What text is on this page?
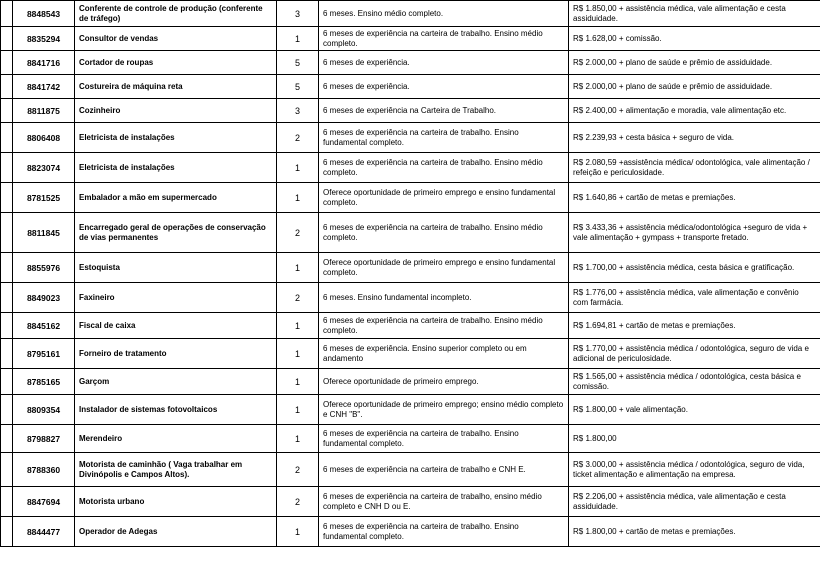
	8848543	Conferente de controle de produção (conferente de tráfego)	3	6 meses. Ensino médio completo.	R$ 1.850,00 + assistência médica, vale alimentação e cesta assiduidade.
	8835294	Consultor de vendas	1	6 meses de experiência na carteira de trabalho. Ensino médio completo.	R$ 1.628,00 + comissão.
	8841716	Cortador de roupas	5	6 meses de experiência.	R$ 2.000,00 + plano de saúde e prêmio de assiduidade.
	8841742	Costureira de máquina reta	5	6 meses de experiência.	R$ 2.000,00 + plano de saúde e prêmio de assiduidade.
	8811875	Cozinheiro	3	6 meses de experiência na Carteira de Trabalho.	R$ 2.400,00 + alimentação e moradia, vale alimentação etc.
	8806408	Eletricista de instalações	2	6 meses de experiência na carteira de trabalho. Ensino fundamental completo.	R$ 2.239,93 + cesta básica + seguro de vida.
	8823074	Eletricista de instalações	1	6 meses de experiência na carteira de trabalho. Ensino médio completo.	R$ 2.080,59 +assistência médica/ odontológica, vale alimentação / refeição e periculosidade.
	8781525	Embalador a mão em supermercado	1	Oferece oportunidade de primeiro emprego e ensino fundamental completo.	R$ 1.640,86 + cartão de metas e premiações.
	8811845	Encarregado geral de operações de conservação de vias permanentes	2	6 meses de experiência na carteira de trabalho. Ensino médio completo.	R$ 3.433,36 + assistência médica/odontológica +seguro de vida + vale alimentação + gympass + transporte fretado.
	8855976	Estoquista	1	Oferece oportunidade de primeiro emprego e ensino fundamental completo.	R$ 1.700,00 + assistência médica, cesta básica e gratificação.
	8849023	Faxineiro	2	6 meses. Ensino fundamental incompleto.	R$ 1.776,00 + assistência médica, vale alimentação e convênio com farmácia.
	8845162	Fiscal de caixa	1	6 meses de experiência na carteira de trabalho. Ensino médio completo.	R$ 1.694,81 + cartão de metas e premiações.
	8795161	Forneiro de tratamento	1	6 meses de experiência. Ensino superior completo ou em andamento	R$ 1.770,00 + assistência médica / odontológica, seguro de vida e adicional de periculosidade.
	8785165	Garçom	1	Oferece oportunidade de primeiro emprego.	R$ 1.565,00 + assistência médica / odontológica, cesta básica e comissão.
	8809354	Instalador de sistemas fotovoltaicos	1	Oferece oportunidade de primeiro emprego; ensino médio completo e CNH "B".	R$ 1.800,00 + vale alimentação.
	8798827	Merendeiro	1	6 meses de experiência na carteira de trabalho. Ensino fundamental completo.	R$ 1.800,00
	8788360	Motorista de caminhão ( Vaga trabalhar em Divinópolis e Campos Altos).	2	6 meses de experiência na carteira de trabalho e CNH E.	R$ 3.000,00 + assistência médica / odontológica, seguro de vida, ticket alimentação e alimentação na empresa.
	8847694	Motorista urbano	2	6 meses de experiência na carteira de trabalho, ensino médio completo e CNH D ou E.	R$ 2.206,00 + assistência médica, vale alimentação e cesta assiduidade.
	8844477	Operador de Adegas	1	6 meses de experiência na carteira de trabalho. Ensino fundamental completo.	R$ 1.800,00 + cartão de metas e premiações.
